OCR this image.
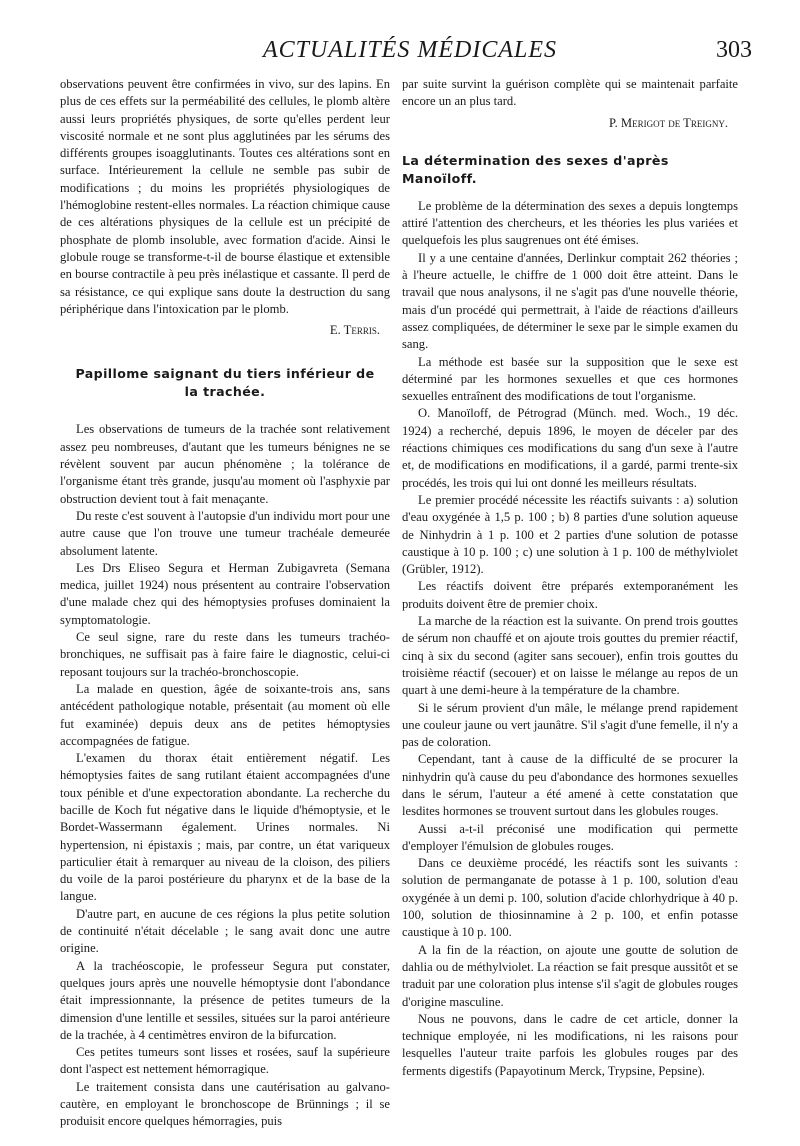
ACTUALITÉS MÉDICALES	303

observations peuvent être confirmées in vivo, sur des lapins. En plus de ces effets sur la perméabilité des cellules, le plomb altère aussi leurs propriétés physiques, de sorte qu'elles perdent leur viscosité normale et ne sont plus agglutinées par les sérums des différents groupes isoagglutinants. Toutes ces altérations sont en surface. Intérieurement la cellule ne semble pas subir de modifications ; du moins les propriétés physiologiques de l'hémoglobine restent-elles normales. La réaction chimique cause de ces altérations physiques de la cellule est un précipité de phosphate de plomb insoluble, avec formation d'acide. Ainsi le globule rouge se transforme-t-il de bourse élastique et extensible en bourse contractile à peu près inélastique et cassante. Il perd de sa résistance, ce qui explique sans doute la destruction du sang périphérique dans l'intoxication par le plomb.

E. Terris.
Papillome saignant du tiers inférieur de la trachée.

Les observations de tumeurs de la trachée sont relativement assez peu nombreuses, d'autant que les tumeurs bénignes ne se révèlent souvent par aucun phénomène ; la tolérance de l'organisme étant très grande, jusqu'au moment où l'asphyxie par obstruction devient tout à fait menaçante.

Du reste c'est souvent à l'autopsie d'un individu mort pour une autre cause que l'on trouve une tumeur trachéale demeurée absolument latente.

Les Drs Eliseo Segura et Herman Zubigavreta (Semana medica, juillet 1924) nous présentent au contraire l'observation d'une malade chez qui des hémoptysies profuses dominaient la symptomatologie.

Ce seul signe, rare du reste dans les tumeurs trachéo-bronchiques, ne suffisait pas à faire faire le diagnostic, celui-ci reposant toujours sur la trachéo-bronchoscopie.

La malade en question, âgée de soixante-trois ans, sans antécédent pathologique notable, présentait (au moment où elle fut examinée) depuis deux ans de petites hémoptysies accompagnées de fatigue.

L'examen du thorax était entièrement négatif. Les hémoptysies faites de sang rutilant étaient accompagnées d'une toux pénible et d'une expectoration abondante. La recherche du bacille de Koch fut négative dans le liquide d'hémoptysie, et le Bordet-Wassermann également. Urines normales. Ni hypertension, ni épistaxis ; mais, par contre, un état variqueux particulier était à remarquer au niveau de la cloison, des piliers du voile de la paroi postérieure du pharynx et de la base de la langue.

D'autre part, en aucune de ces régions la plus petite solution de continuité n'était décelable ; le sang avait donc une autre origine.

A la trachéoscopie, le professeur Segura put constater, quelques jours après une nouvelle hémoptysie dont l'abondance était impressionnante, la présence de petites tumeurs de la dimension d'une lentille et sessiles, situées sur la paroi antérieure de la trachée, à 4 centimètres environ de la bifurcation.

Ces petites tumeurs sont lisses et rosées, sauf la supérieure dont l'aspect est nettement hémorragique.

Le traitement consista dans une cautérisation au galvano-cautère, en employant le bronchoscope de Brünnings ; il se produisit encore quelques hémorragies, puis

par suite survint la guérison complète qui se maintenait parfaite encore un an plus tard.

P. Merigot de Treigny.
La détermination des sexes d'après Manoïloff.

Le problème de la détermination des sexes a depuis longtemps attiré l'attention des chercheurs, et les théories les plus variées et quelquefois les plus saugrenues ont été émises.

Il y a une centaine d'années, Derlinkur comptait 262 théories ; à l'heure actuelle, le chiffre de 1 000 doit être atteint. Dans le travail que nous analysons, il ne s'agit pas d'une nouvelle théorie, mais d'un procédé qui permettrait, à l'aide de réactions d'ailleurs assez compliquées, de déterminer le sexe par le simple examen du sang.

La méthode est basée sur la supposition que le sexe est déterminé par les hormones sexuelles et que ces hormones sexuelles entraînent des modifications de tout l'organisme.

O. Manoïloff, de Pétrograd (Münch. med. Woch., 19 déc. 1924) a recherché, depuis 1896, le moyen de déceler par des réactions chimiques ces modifications du sang d'un sexe à l'autre et, de modifications en modifications, il a gardé, parmi trente-six procédés, les trois qui lui ont donné les meilleurs résultats.

Le premier procédé nécessite les réactifs suivants : a) solution d'eau oxygénée à 1,5 p. 100 ; b) 8 parties d'une solution aqueuse de Ninhydrin à 1 p. 100 et 2 parties d'une solution de potasse caustique à 10 p. 100 ; c) une solution à 1 p. 100 de méthylviolet (Grübler, 1912).

Les réactifs doivent être préparés extemporanément les produits doivent être de premier choix.

La marche de la réaction est la suivante. On prend trois gouttes de sérum non chauffé et on ajoute trois gouttes du premier réactif, cinq à six du second (agiter sans secouer), enfin trois gouttes du troisième réactif (secouer) et on laisse le mélange au repos de un quart à une demi-heure à la température de la chambre.

Si le sérum provient d'un mâle, le mélange prend rapidement une couleur jaune ou vert jaunâtre. S'il s'agit d'une femelle, il n'y a pas de coloration.

Cependant, tant à cause de la difficulté de se procurer la ninhydrin qu'à cause du peu d'abondance des hormones sexuelles dans le sérum, l'auteur a été amené à cette constatation que lesdites hormones se trouvent surtout dans les globules rouges.

Aussi a-t-il préconisé une modification qui permette d'employer l'émulsion de globules rouges.

Dans ce deuxième procédé, les réactifs sont les suivants : solution de permanganate de potasse à 1 p. 100, solution d'eau oxygénée à un demi p. 100, solution d'acide chlorhydrique à 40 p. 100, solution de thiosinnamine à 2 p. 100, et enfin potasse caustique à 10 p. 100.

A la fin de la réaction, on ajoute une goutte de solution de dahlia ou de méthylviolet. La réaction se fait presque aussitôt et se traduit par une coloration plus intense s'il s'agit de globules rouges d'origine masculine.

Nous ne pouvons, dans le cadre de cet article, donner la technique employée, ni les modifications, ni les raisons pour lesquelles l'auteur traite parfois les globules rouges par des ferments digestifs (Papayotinum Merck, Trypsine, Pepsine).
